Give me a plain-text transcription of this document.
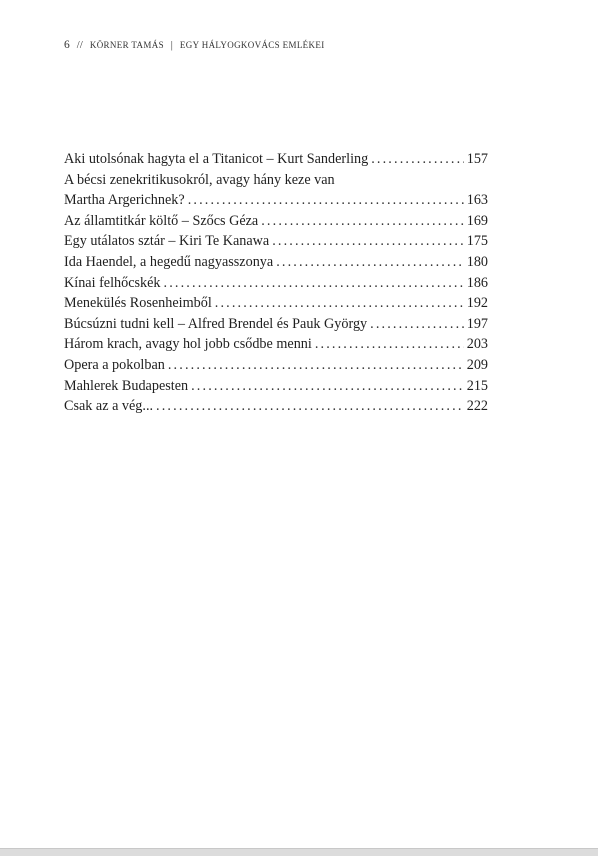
6 // KÖRNER TAMÁS | EGY HÁLYOGKOVÁCS EMLÉKEI
Aki utolsónak hagyta el a Titanicot – Kurt Sanderling . . .	157
A bécsi zenekritikusokról, avagy hány keze van
Martha Argerichnek? . . .	163
Az államtitkár költő – Szőcs Géza . . .	169
Egy utálatos sztár – Kiri Te Kanawa . . .	175
Ida Haendel, a hegedű nagyasszonya . . .	180
Kínai felhőcskék . . .	186
Menekülés Rosenheimből . . .	192
Búcsúzni tudni kell – Alfred Brendel és Pauk György . . .	197
Három krach, avagy hol jobb csődbe menni . . .	203
Opera a pokolban . . .	209
Mahlerek Budapesten . . .	215
Csak az a vég... . . .	222
